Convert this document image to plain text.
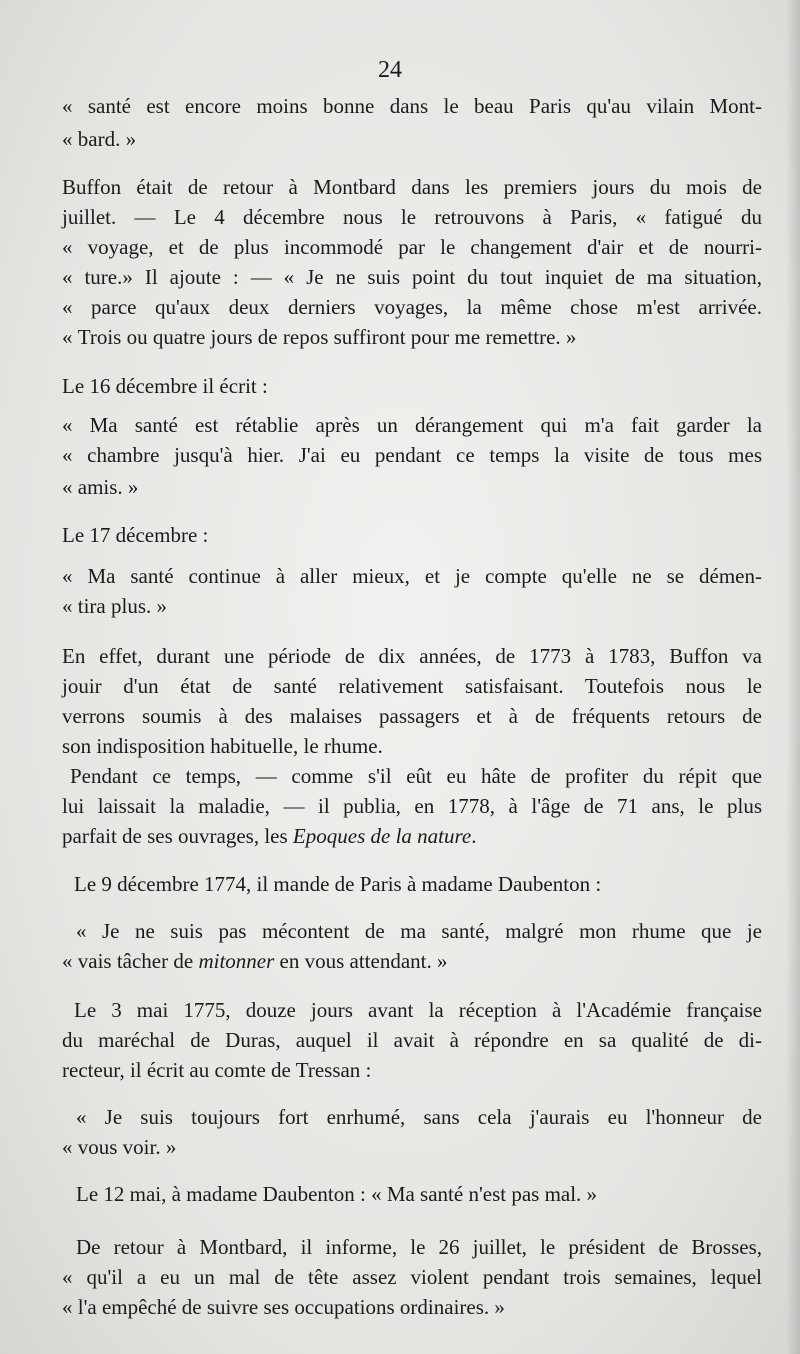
24
« santé est encore moins bonne dans le beau Paris qu'au vilain Mont-
« bard. »
Buffon était de retour à Montbard dans les premiers jours du mois de
juillet. — Le 4 décembre nous le retrouvons à Paris, « fatigué du
« voyage, et de plus incommodé par le changement d'air et de nourri-
« ture.» Il ajoute : — « Je ne suis point du tout inquiet de ma situation,
« parce qu'aux deux derniers voyages, la même chose m'est arrivée.
« Trois ou quatre jours de repos suffiront pour me remettre. »
Le 16 décembre il écrit :
« Ma santé est rétablie après un dérangement qui m'a fait garder la
« chambre jusqu'à hier. J'ai eu pendant ce temps la visite de tous mes
« amis. »
Le 17 décembre :
« Ma santé continue à aller mieux, et je compte qu'elle ne se démen-
« tira plus. »
En effet, durant une période de dix années, de 1773 à 1783, Buffon va
jouir d'un état de santé relativement satisfaisant. Toutefois nous le
verrons soumis à des malaises passagers et à de fréquents retours de
son indisposition habituelle, le rhume.
Pendant ce temps, — comme s'il eût eu hâte de profiter du répit que
lui laissait la maladie, — il publia, en 1778, à l'âge de 71 ans, le plus
parfait de ses ouvrages, les Epoques de la nature.
Le 9 décembre 1774, il mande de Paris à madame Daubenton :
« Je ne suis pas mécontent de ma santé, malgré mon rhume que je
« vais tâcher de mitonner en vous attendant. »
Le 3 mai 1775, douze jours avant la réception à l'Académie française
du maréchal de Duras, auquel il avait à répondre en sa qualité de di-
recteur, il écrit au comte de Tressan :
« Je suis toujours fort enrhumé, sans cela j'aurais eu l'honneur de
« vous voir. »
Le 12 mai, à madame Daubenton : « Ma santé n'est pas mal. »
De retour à Montbard, il informe, le 26 juillet, le président de Brosses,
« qu'il a eu un mal de tête assez violent pendant trois semaines, lequel
« l'a empêché de suivre ses occupations ordinaires. »
